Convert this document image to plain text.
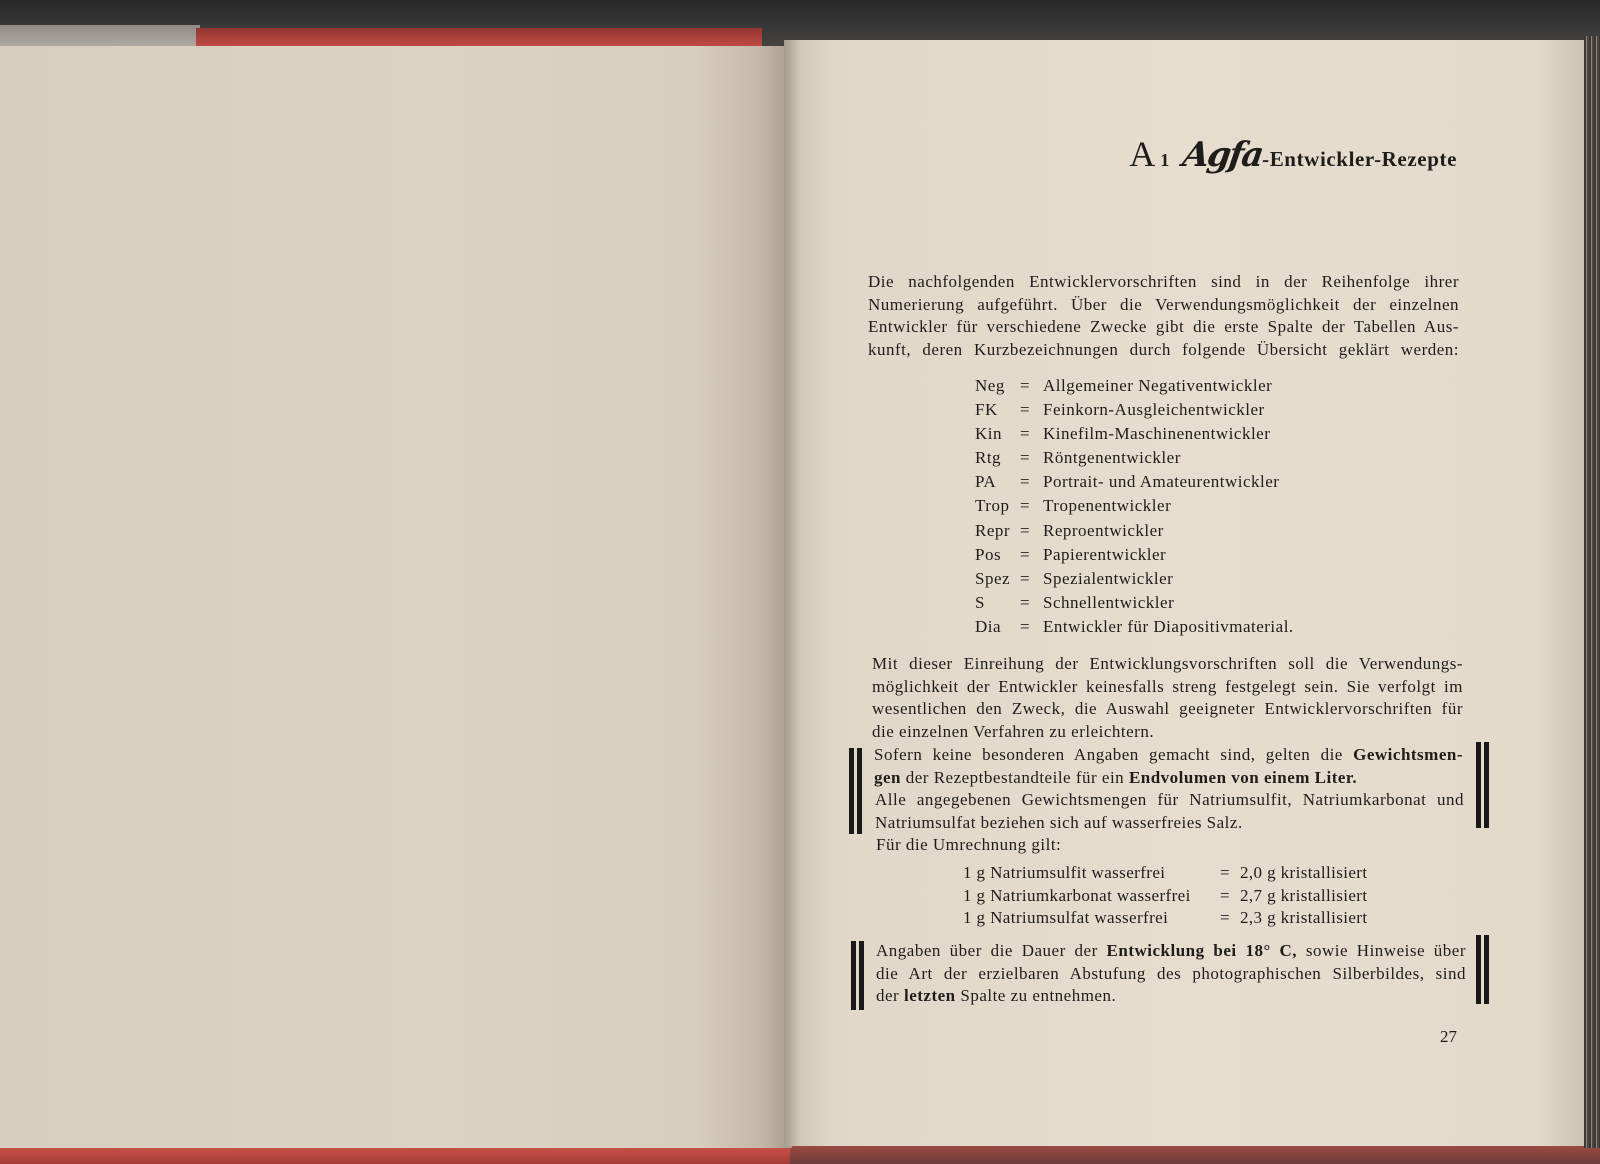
A 1 Agfa
-Entwickler-Rezepte
Die nachfolgenden Entwicklervorschriften sind in der Reihenfolge ihrer
Numerierung aufgeführt. Über die Verwendungsmöglichkeit der einzelnen
Entwickler für verschiedene Zwecke gibt die erste Spalte der Tabellen Aus-
kunft, deren Kurzbezeichnungen durch folgende Übersicht geklärt werden:
Neg = Allgemeiner Negativentwickler
FK	= Feinkorn-Ausgleichentwickler
Kin	= Kinefilm-Maschinenentwickler
Rtg	= Röntgenentwickler
PA	= Portrait- und Amateurentwickler
Trop = Tropenentwickler
Repr = Reproentwickler
Pos	= Papierentwickler
Spez = Spezialentwickler
S	= Schnellentwickler
Dia	= Entwickler für Diapositivmaterial.
Mit dieser Einreihung der Entwicklungsvorschriften soll die Verwendungs-
möglichkeit der Entwickler keinesfalls streng festgelegt sein. Sie verfolgt im
wesentlichen den Zweck, die Auswahl geeigneter Entwicklervorschriften für
die einzelnen Verfahren zu erleichtern.
Sofern keine besonderen Angaben gemacht sind, gelten die Gewichtsmen-
gen der Rezeptbestandteile für ein Endvolumen von einem Liter.
Alle angegebenen Gewichtsmengen für Natriumsulfit, Natriumkarbonat und
Natriumsulfat beziehen sich auf wasserfreies Salz.
Für die Umrechnung gilt:
1 g Natriumsulfit wasserfrei	= 2,0 g kristallisiert
1 g Natriumkarbonat wasserfrei	= 2,7 g kristallisiert
1 g Natriumsulfat wasserfrei	= 2,3 g kristallisiert
Angaben über die Dauer der Entwicklung bei 18° C, sowie Hinweise über
die Art der erzielbaren Abstufung des photographischen Silberbildes, sind
der letzten Spalte zu entnehmen.
27
